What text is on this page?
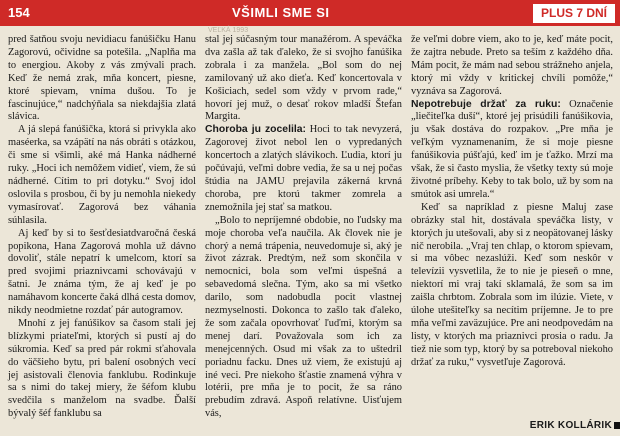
154	VŠIMLI SME SI	PLUS 7 DNÍ
VEĽKÁ 1993

pred šatňou svoju nevidiacu fanúšičku Hanu Zagorovú, očividne sa potešila. „Naplňa ma to energiou. Akoby z vás zmývali prach. Keď že nemá zrak, mňa koncert, piesne, ktoré spievam, vníma dušou. To je fascinujúce,“ nadchýňala sa niekdajšia zlatá slávica.

A já slepá fanúšička, ktorá si privykla ako maséerka, sa vzápätí na nás obráti s otázkou, či sme si všimli, aké má Hanka nádherné ruky. „Hoci ich nemôžem vidieť, viem, že sú nádherné. Cítim to pri dotyku.“ Svoj idol oslovila s prosbou, či by ju nemohla niekedy vymasírovať. Zagorová bez váhania súhlasila.

Aj keď by si to šesťdesiatdvaročná česká popikona, Hana Zagorová mohla už dávno dovoliť, stále nepatrí k umelcom, ktorí sa pred svojimi priaznivcami schovávajú v šatni. Je známa tým, že aj keď je po namáhavom koncerte čaká dlhá cesta domov, nikdy neodmietne rozdať pár autogramov.

Mnohí z jej fanúšikov sa časom stali jej blízkymi priateľmi, ktorých si pustí aj do súkromia. Keď sa pred pár rokmi sťahovala do väčšieho bytu, pri balení osobných vecí jej asistovali členovia fanklubu. Rodinkuje sa s nimi do takej miery, že šéfom klubu svedčila s manželom na svadbe. Ďalší bývalý šéf fanklubu sa

stal jej súčasným tour manažérom. A speváčka dva zašla až tak ďaleko, že si svojho fanúšika zobrala i za manžela. „Bol som do nej zamilovaný už ako dieťa. Keď koncertovala v Košiciach, sedel som vždy v prvom rade,“ hovorí jej muž, o desať rokov mladší Štefan Margita.

Choroba ju zocelila: Hoci to tak nevyzerá, Zagorovej život nebol len o vypredaných koncertoch a zlatých slávikoch. Ľudia, ktorí ju počúvajú, veľmi dobre vedia, že sa u nej počas štúdia na JAMU prejavila zákerná krvná choroba, pre ktorú takmer zomrela a znemožnila jej stať sa matkou.

„Bolo to nepríjemné obdobie, no ľudsky ma moje choroba veľa naučila. Ak človek nie je chorý a nemá trápenia, neuvedomuje si, aký je život zázrak. Predtým, než som skončila v nemocnici, bola som veľmi úspešná a sebavedomá slečna. Tým, ako sa mi všetko darilo, som nadobudla pocit vlastnej nezmyselnosti. Dokonca to zašlo tak ďaleko, že som začala opovrhovať ľuďmi, ktorým sa menej darí. Považovala som ich za menejcenných. Osud mi však za to uštedril poriadnu facku. Dnes už viem, že existujú aj iné veci. Pre niekoho šťastie znamená výhra v lotérii, pre mňa je to pocit, že sa ráno prebudím zdravá. Aspoň relatívne. Uisťujem vás,

že veľmi dobre viem, ako to je, keď máte pocit, že zajtra nebude. Preto sa teším z každého dňa. Mám pocit, že mám nad sebou strážneho anjela, ktorý mi vždy v kritickej chvíli pomôže,“ vyznáva sa Zagorová.

Nepotrebuje držať za ruku: Označenie „liečiteľka duší“, ktoré jej prisúdili fanúšikovia, ju však dostáva do rozpakov. „Pre mňa je veľkým vyznamenaním, že si moje piesne fanúšikovia púšťajú, keď im je ťažko. Mrzí ma však, že si často myslia, že všetky texty sú moje životné príbehy. Keby to tak bolo, už by som na smútok asi umrela.“

Keď sa napríklad z piesne Maluj zase obrázky stal hit, dostávala speváčka listy, v ktorých ju utešovali, aby si z neopätovanej lásky nič nerobila. „Vraj ten chlap, o ktorom spievam, si ma vôbec nezaslúži. Keď som neskôr v televízii vysvetlila, že to nie je pieseň o mne, niektorí mi vraj takí sklamalá, že som sa im zaišla chrbtom. Zobrala som im ilúzie. Viete, v úlohe utešiteľky sa necítim príjemne. Je to pre mňa veľmi zaväzujúce. Pre ani neodpovedám na listy, v ktorých ma priaznivci prosia o radu. Ja tiež nie som typ, ktorý by sa potreboval niekoho držať za ruku,“ vysvetľuje Zagorová.

ERIK KOLLÁRIK
